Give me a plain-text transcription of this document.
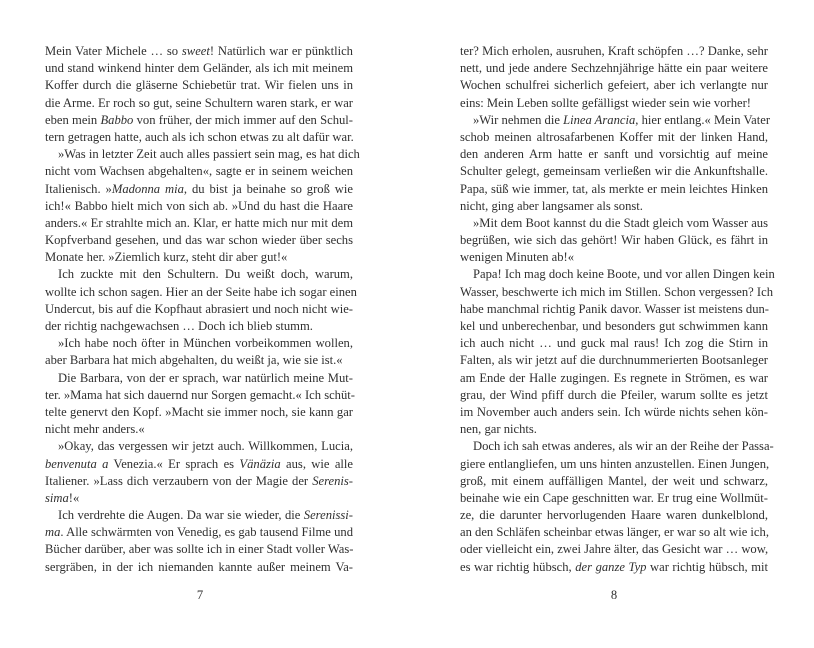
Mein Vater Michele … so sweet! Natürlich war er pünktlich
und stand winkend hinter dem Geländer, als ich mit meinem
Koffer durch die gläserne Schiebetür trat. Wir fielen uns in
die Arme. Er roch so gut, seine Schultern waren stark, er war
eben mein Babbo von früher, der mich immer auf den Schul-
tern getragen hatte, auch als ich schon etwas zu alt dafür war.
»Was in letzter Zeit auch alles passiert sein mag, es hat dich
nicht vom Wachsen abgehalten«, sagte er in seinem weichen
Italienisch. »Madonna mia, du bist ja beinahe so groß wie
ich!« Babbo hielt mich von sich ab. »Und du hast die Haare
anders.« Er strahlte mich an. Klar, er hatte mich nur mit dem
Kopfverband gesehen, und das war schon wieder über sechs
Monate her. »Ziemlich kurz, steht dir aber gut!«
Ich zuckte mit den Schultern. Du weißt doch, warum,
wollte ich schon sagen. Hier an der Seite habe ich sogar einen
Undercut, bis auf die Kopfhaut abrasiert und noch nicht wie-
der richtig nachgewachsen … Doch ich blieb stumm.
»Ich habe noch öfter in München vorbeikommen wollen,
aber Barbara hat mich abgehalten, du weißt ja, wie sie ist.«
Die Barbara, von der er sprach, war natürlich meine Mut-
ter. »Mama hat sich dauernd nur Sorgen gemacht.« Ich schüt-
telte genervt den Kopf. »Macht sie immer noch, sie kann gar
nicht mehr anders.«
»Okay, das vergessen wir jetzt auch. Willkommen, Lucia,
benvenuta a Venezia.« Er sprach es Vänäzia aus, wie alle
Italiener. »Lass dich verzaubern von der Magie der Serenis-
sima!«
Ich verdrehte die Augen. Da war sie wieder, die Serenissi-
ma. Alle schwärmten von Venedig, es gab tausend Filme und
Bücher darüber, aber was sollte ich in einer Stadt voller Was-
sergräben, in der ich niemanden kannte außer meinem Va-
ter? Mich erholen, ausruhen, Kraft schöpfen …? Danke, sehr
nett, und jede andere Sechzehnjährige hätte ein paar weitere
Wochen schulfrei sicherlich gefeiert, aber ich verlangte nur
eins: Mein Leben sollte gefälligst wieder sein wie vorher!
»Wir nehmen die Linea Arancia, hier entlang.« Mein Vater
schob meinen altrosafarbenen Koffer mit der linken Hand,
den anderen Arm hatte er sanft und vorsichtig auf meine
Schulter gelegt, gemeinsam verließen wir die Ankunftshalle.
Papa, süß wie immer, tat, als merkte er mein leichtes Hinken
nicht, ging aber langsamer als sonst.
»Mit dem Boot kannst du die Stadt gleich vom Wasser aus
begrüßen, wie sich das gehört! Wir haben Glück, es fährt in
wenigen Minuten ab!«
Papa! Ich mag doch keine Boote, und vor allen Dingen kein
Wasser, beschwerte ich mich im Stillen. Schon vergessen? Ich
habe manchmal richtig Panik davor. Wasser ist meistens dun-
kel und unberechenbar, und besonders gut schwimmen kann
ich auch nicht … und guck mal raus! Ich zog die Stirn in
Falten, als wir jetzt auf die durchnummerierten Bootsanleger
am Ende der Halle zugingen. Es regnete in Strömen, es war
grau, der Wind pfiff durch die Pfeiler, warum sollte es jetzt
im November auch anders sein. Ich würde nichts sehen kön-
nen, gar nichts.
Doch ich sah etwas anderes, als wir an der Reihe der Passa-
giere entlangliefen, um uns hinten anzustellen. Einen Jungen,
groß, mit einem auffälligen Mantel, der weit und schwarz,
beinahe wie ein Cape geschnitten war. Er trug eine Wollmüt-
ze, die darunter hervorlugenden Haare waren dunkelblond,
an den Schläfen scheinbar etwas länger, er war so alt wie ich,
oder vielleicht ein, zwei Jahre älter, das Gesicht war … wow,
es war richtig hübsch, der ganze Typ war richtig hübsch, mit
7	8
